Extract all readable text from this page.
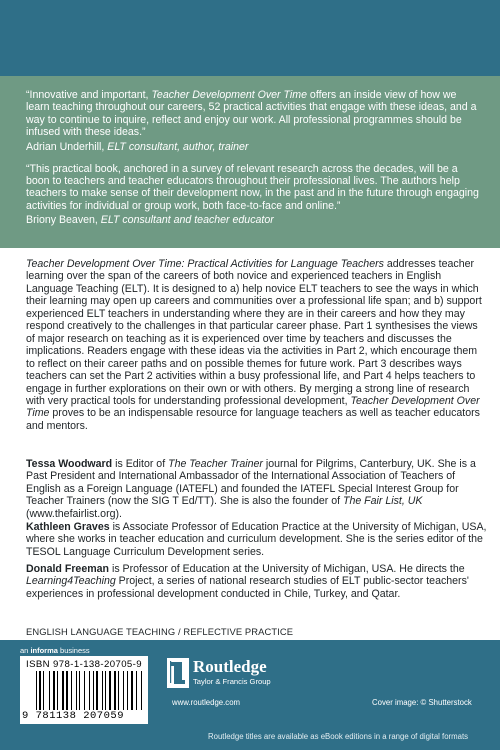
“Innovative and important, Teacher Development Over Time offers an inside view of how we learn teaching throughout our careers, 52 practical activities that engage with these ideas, and a way to continue to inquire, reflect and enjoy our work. All professional programmes should be infused with these ideas.”

Adrian Underhill, ELT consultant, author, trainer

“This practical book, anchored in a survey of relevant research across the decades, will be a boon to teachers and teacher educators throughout their professional lives. The authors help teachers to make sense of their development now, in the past and in the future through engaging activities for individual or group work, both face-to-face and online.”

Briony Beaven, ELT consultant and teacher educator

Teacher Development Over Time: Practical Activities for Language Teachers addresses teacher learning over the span of the careers of both novice and experienced teachers in English Language Teaching (ELT). It is designed to a) help novice ELT teachers to see the ways in which their learning may open up careers and communities over a professional life span; and b) support experienced ELT teachers in understanding where they are in their careers and how they may respond creatively to the challenges in that particular career phase. Part 1 synthesises the views of major research on teaching as it is experienced over time by teachers and discusses the implications. Readers engage with these ideas via the activities in Part 2, which encourage them to reflect on their career paths and on possible themes for future work. Part 3 describes ways teachers can set the Part 2 activities within a busy professional life, and Part 4 helps teachers to engage in further explorations on their own or with others. By merging a strong line of research with very practical tools for understanding professional development, Teacher Development Over Time proves to be an indispensable resource for language teachers as well as teacher educators and mentors.

Tessa Woodward is Editor of The Teacher Trainer journal for Pilgrims, Canterbury, UK. She is a Past President and International Ambassador of the International Association of Teachers of English as a Foreign Language (IATEFL) and founded the IATEFL Special Interest Group for Teacher Trainers (now the SIG T Ed/TT). She is also the founder of The Fair List, UK (www.thefairlist.org).

Kathleen Graves is Associate Professor of Education Practice at the University of Michigan, USA, where she works in teacher education and curriculum development. She is the series editor of the TESOL Language Curriculum Development series.

Donald Freeman is Professor of Education at the University of Michigan, USA. He directs the Learning4Teaching Project, a series of national research studies of ELT public-sector teachers' experiences in professional development conducted in Chile, Turkey, and Qatar.

ENGLISH LANGUAGE TEACHING / REFLECTIVE PRACTICE
an informa business
ISBN 978-1-138-20705-9
9 781138 207059
Routledge
Taylor & Francis Group
www.routledge.com	Cover image: © Shutterstock
Routledge titles are available as eBook editions in a range of digital formats
